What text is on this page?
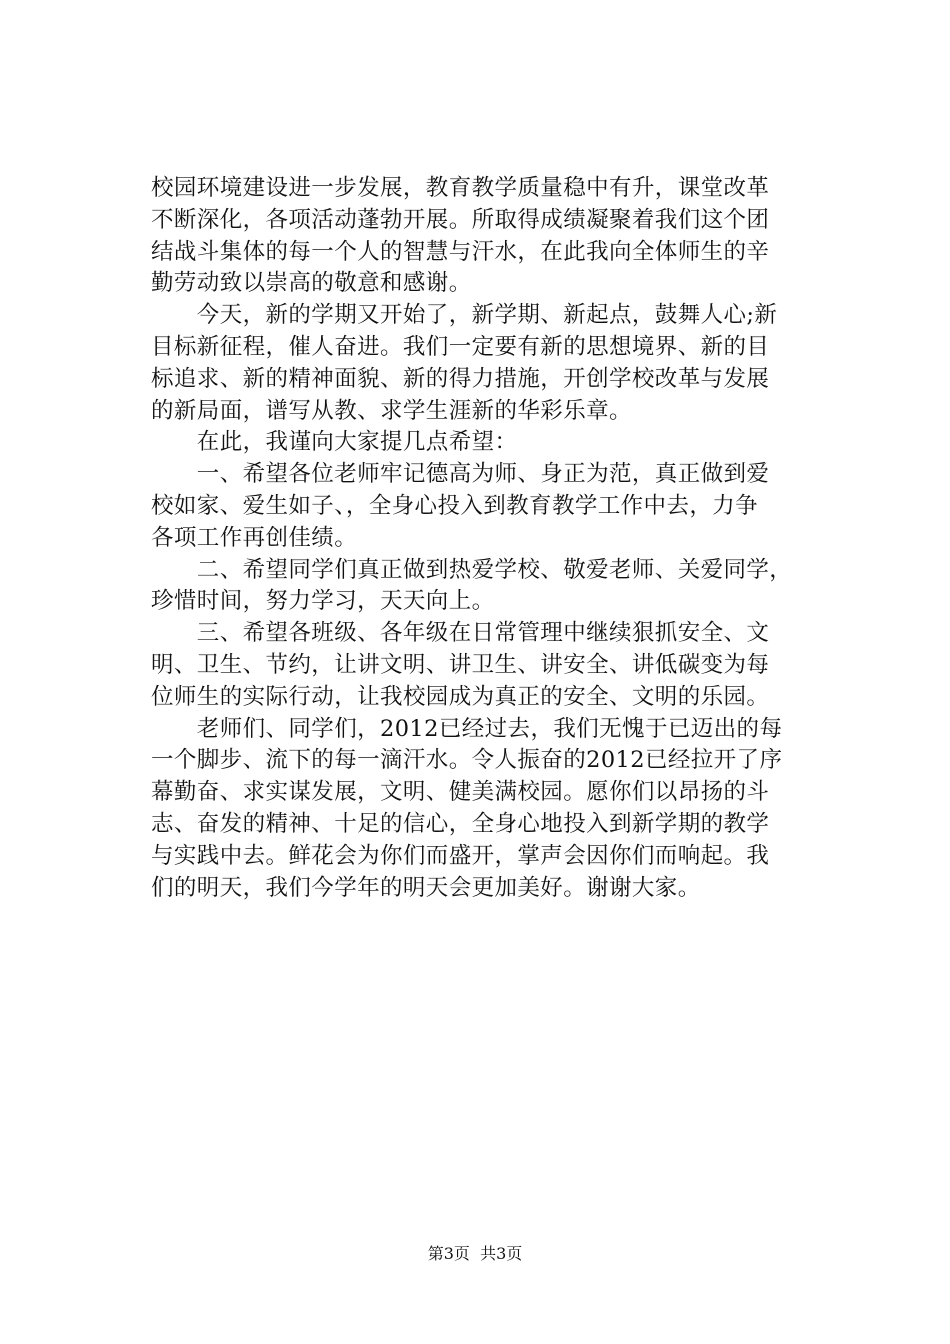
校园环境建设进一步发展，教育教学质量稳中有升，课堂改革
不断深化，各项活动蓬勃开展。所取得成绩凝聚着我们这个团
结战斗集体的每一个人的智慧与汗水，在此我向全体师生的辛
勤劳动致以崇高的敬意和感谢。
　　今天，新的学期又开始了，新学期、新起点，鼓舞人心;新
目标新征程，催人奋进。我们一定要有新的思想境界、新的目
标追求、新的精神面貌、新的得力措施，开创学校改革与发展
的新局面，谱写从教、求学生涯新的华彩乐章。
　　在此，我谨向大家提几点希望：
　　一、希望各位老师牢记德高为师、身正为范，真正做到爱
校如家、爱生如子、，全身心投入到教育教学工作中去，力争
各项工作再创佳绩。
　　二、希望同学们真正做到热爱学校、敬爱老师、关爱同学，
珍惜时间，努力学习，天天向上。
　　三、希望各班级、各年级在日常管理中继续狠抓安全、文
明、卫生、节约，让讲文明、讲卫生、讲安全、讲低碳变为每
位师生的实际行动，让我校园成为真正的安全、文明的乐园。
　　老师们、同学们，2012已经过去，我们无愧于已迈出的每
一个脚步、流下的每一滴汗水。令人振奋的2012已经拉开了序
幕勤奋、求实谋发展，文明、健美满校园。愿你们以昂扬的斗
志、奋发的精神、十足的信心，全身心地投入到新学期的教学
与实践中去。鲜花会为你们而盛开，掌声会因你们而响起。我
们的明天，我们今学年的明天会更加美好。谢谢大家。
第3页  共3页
